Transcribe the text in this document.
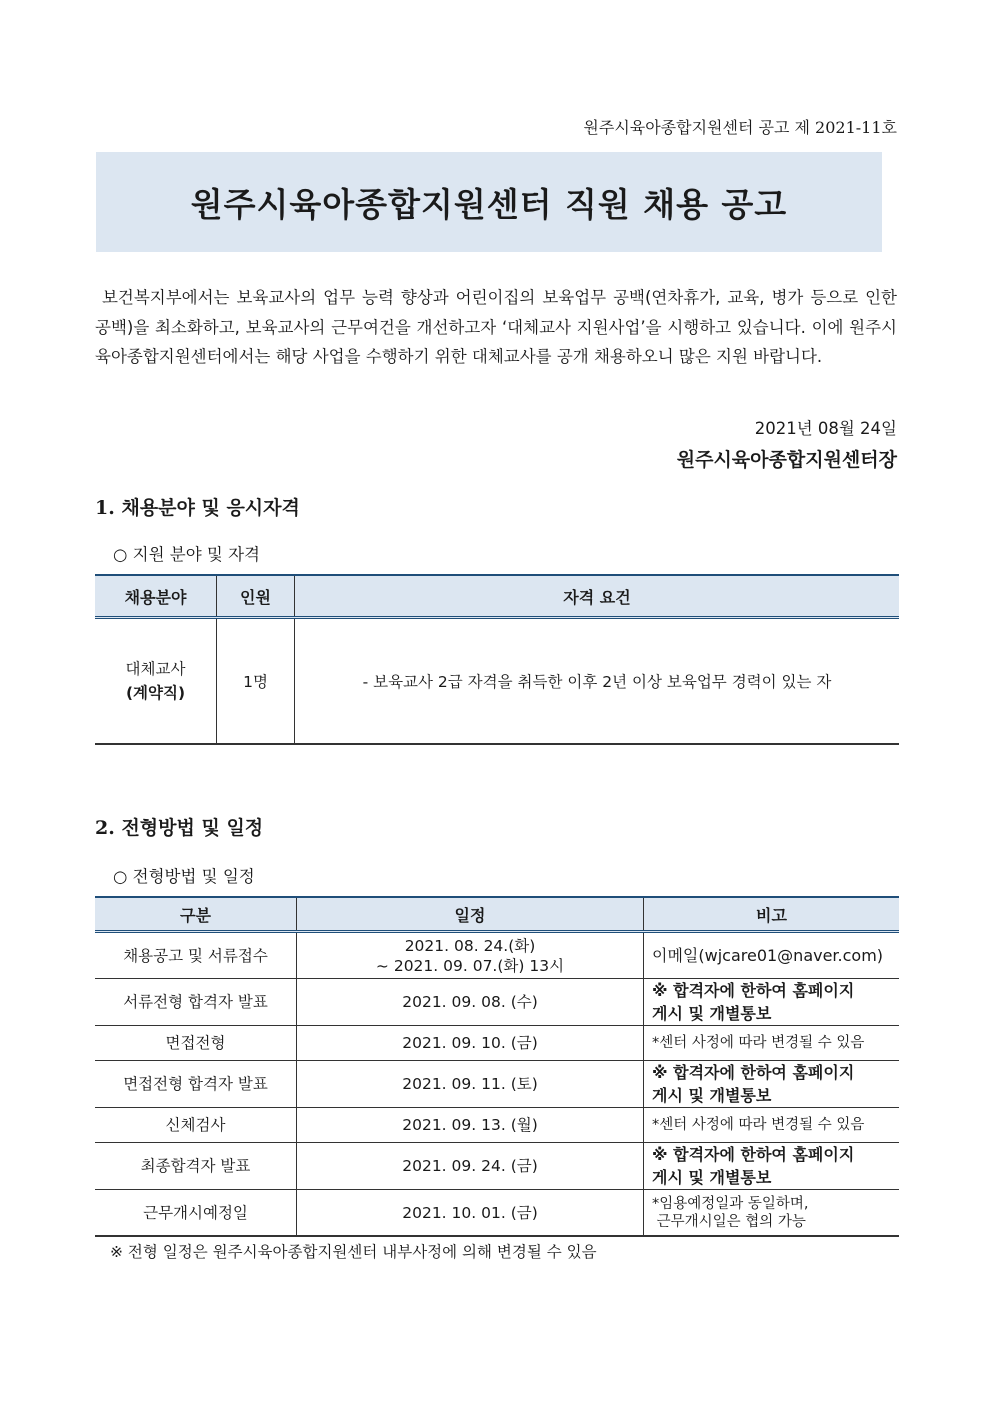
원주시육아종합지원센터 공고 제 2021-11호
원주시육아종합지원센터 직원 채용 공고

보건복지부에서는 보육교사의 업무 능력 향상과 어린이집의 보육업무 공백(연차휴가, 교육, 병가 등으로 인한 공백)을 최소화하고, 보육교사의 근무여건을 개선하고자 ‘대체교사 지원사업’을 시행하고 있습니다. 이에 원주시육아종합지원센터에서는 해당 사업을 수행하기 위한 대체교사를 공개 채용하오니 많은 지원 바랍니다.

2021년 08월 24일
원주시육아종합지원센터장
1. 채용분야 및 응시자격

○ 지원 분야 및 자격

채용분야	인원	자격 요건

대체교사
(계약직)	1명	- 보육교사 2급 자격을 취득한 이후 2년 이상 보육업무 경력이 있는 자
2. 전형방법 및 일정

○ 전형방법 및 일정

구분	일정	비고
채용공고 및 서류접수	2021. 08. 24.(화)
~ 2021. 09. 07.(화) 13시	이메일(wjcare01@naver.com)
서류전형 합격자 발표	2021. 09. 08. (수)	※ 합격자에 한하여 홈페이지
게시 및 개별통보

면접전형	2021. 09. 10. (금)	*센터 사정에 따라 변경될 수 있음
면접전형 합격자 발표	2021. 09. 11. (토)	※ 합격자에 한하여 홈페이지
게시 및 개별통보

신체검사	2021. 09. 13. (월)	*센터 사정에 따라 변경될 수 있음
최종합격자 발표	2021. 09. 24. (금)	※ 합격자에 한하여 홈페이지
게시 및 개별통보

근무개시예정일	2021. 10. 01. (금)	*임용예정일과 동일하며,
근무개시일은 협의 가능

※ 전형 일정은 원주시육아종합지원센터 내부사정에 의해 변경될 수 있음
